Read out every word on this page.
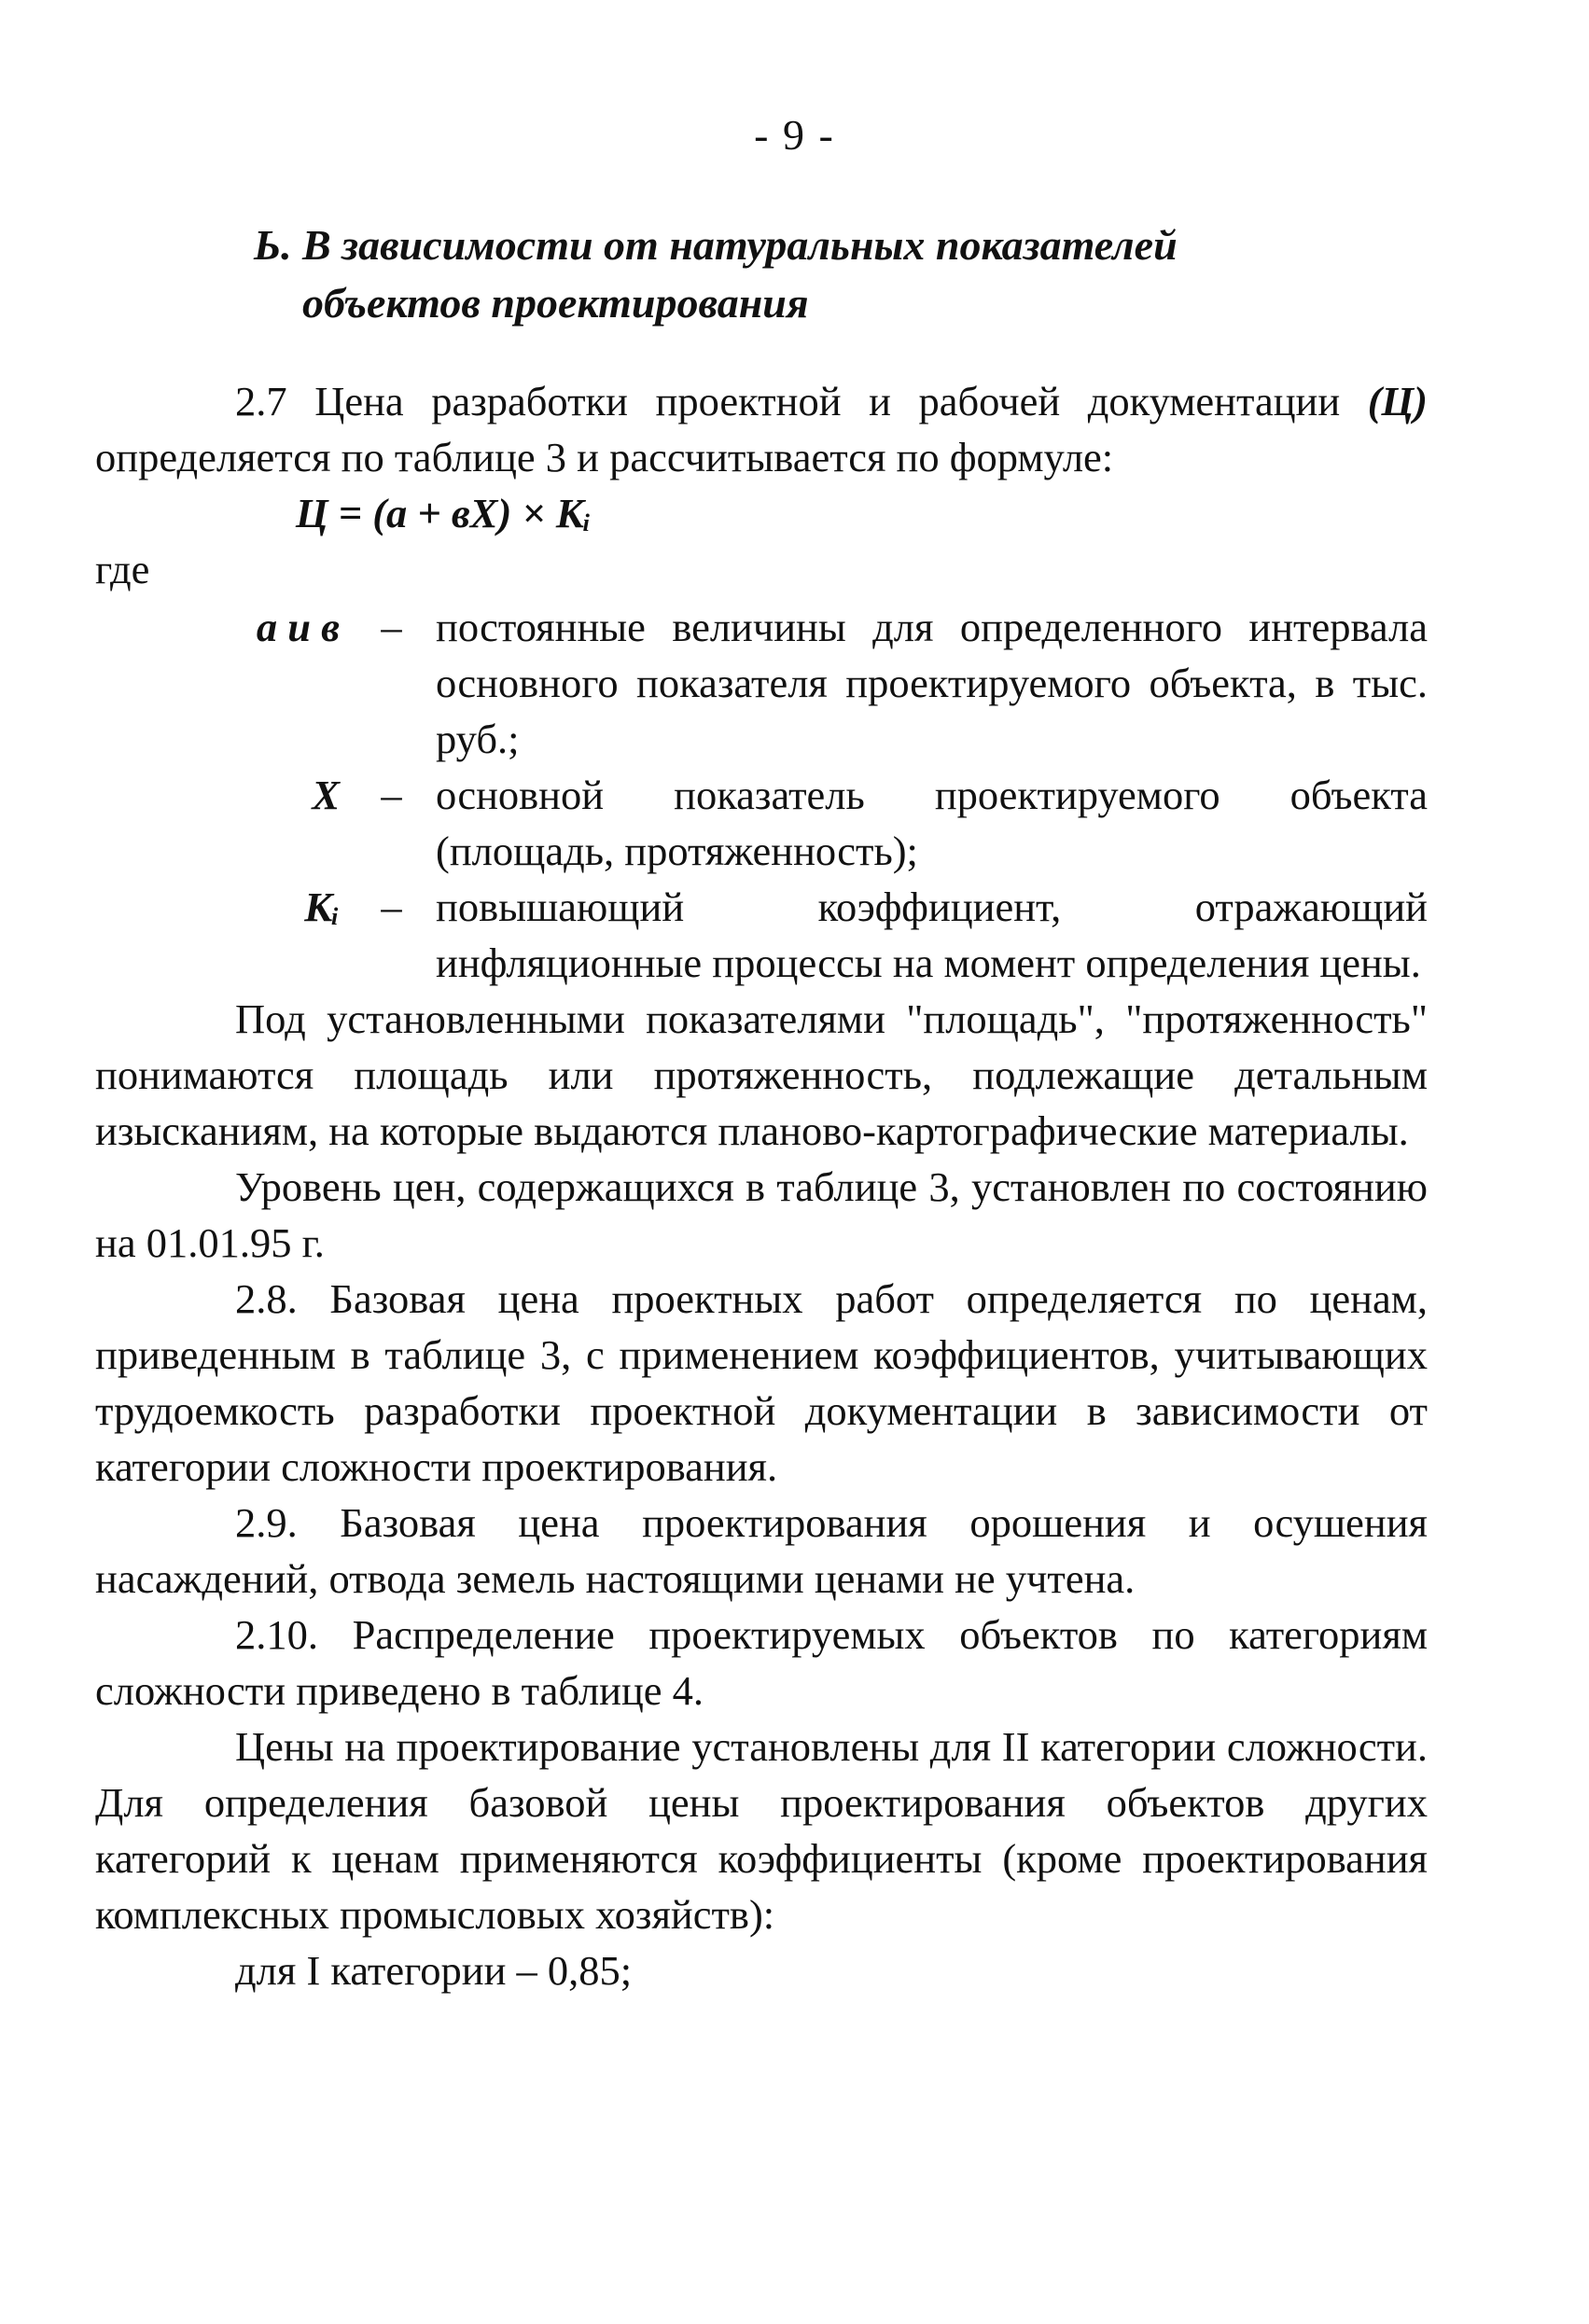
- 9 -
Ь. В зависимости от натуральных показателей
объектов проектирования

2.7 Цена разработки проектной и рабочей документации (Ц) определяется по таблице 3 и рассчитывается по формуле:

Ц = (а + вХ) × Кᵢ

где

а и в – постоянные величины для определенного интервала основного показателя проектируемого объекта, в тыс. руб.;
Х – основной показатель проектируемого объекта (площадь, протяженность);
Кᵢ – повышающий коэффициент, отражающий инфляционные процессы на момент определения цены.

Под установленными показателями "площадь", "протяженность" понимаются площадь или протяженность, подлежащие детальным изысканиям, на которые выдаются планово-картографические материалы.

Уровень цен, содержащихся в таблице 3, установлен по состоянию на 01.01.95 г.

2.8. Базовая цена проектных работ определяется по ценам, приведенным в таблице 3, с применением коэффициентов, учитывающих трудоемкость разработки проектной документации в зависимости от категории сложности проектирования.

2.9. Базовая цена проектирования орошения и осушения насаждений, отвода земель настоящими ценами не учтена.

2.10. Распределение проектируемых объектов по категориям сложности приведено в таблице 4.

Цены на проектирование установлены для II категории сложности. Для определения базовой цены проектирования объектов других категорий к ценам применяются коэффициенты (кроме проектирования комплексных промысловых хозяйств):

для I категории – 0,85;
